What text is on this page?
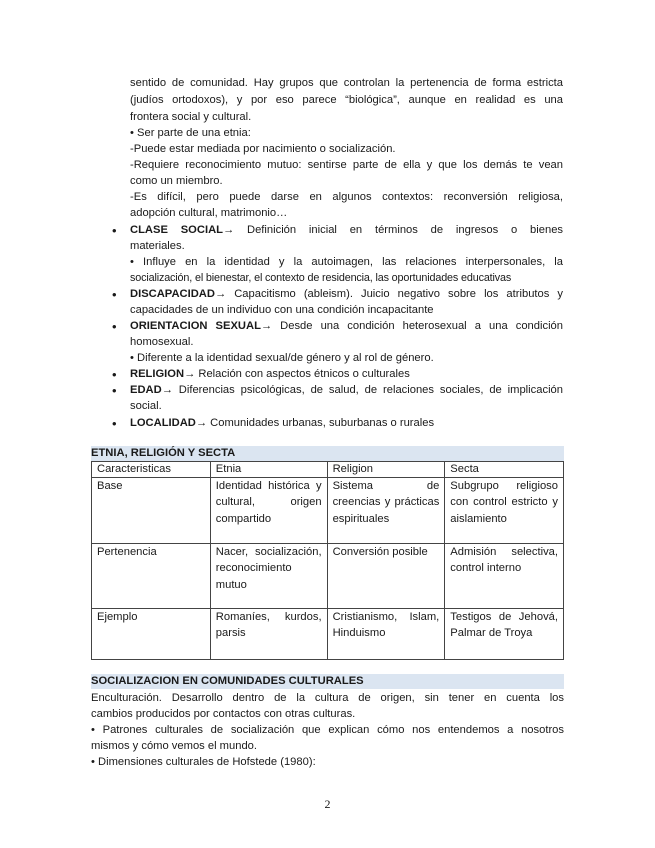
sentido de comunidad. Hay grupos que controlan la pertenencia de forma estricta
(judíos ortodoxos), y por eso parece “biológica”, aunque en realidad es una
frontera social y cultural.
• Ser parte de una etnia:
-Puede estar mediada por nacimiento o socialización.
-Requiere reconocimiento mutuo: sentirse parte de ella y que los demás te vean
como un miembro.
-Es difícil, pero puede darse en algunos contextos: reconversión religiosa,
adopción cultural, matrimonio…
• CLASE SOCIAL→ Definición inicial en términos de ingresos o bienes
materiales.
• Influye en la identidad y la autoimagen, las relaciones interpersonales, la
socialización, el bienestar, el contexto de residencia, las oportunidades educativas
• DISCAPACIDAD→ Capacitismo (ableism). Juicio negativo sobre los atributos y
capacidades de un individuo con una condición incapacitante
• ORIENTACION SEXUAL→ Desde una condición heterosexual a una condición
homosexual.
• Diferente a la identidad sexual/de género y al rol de género.
• RELIGION→ Relación con aspectos étnicos o culturales
• EDAD→ Diferencias psicológicas, de salud, de relaciones sociales, de implicación
social.
• LOCALIDAD→ Comunidades urbanas, suburbanas o rurales
ETNIA, RELIGIÓN Y SECTA
Caracteristicas	Etnia	Religion	Secta
Base	Identidad histórica y cultural, origen compartido	Sistema de creencias y prácticas espirituales	Subgrupo religioso con control estricto y aislamiento
Pertenencia	Nacer, socialización, reconocimiento mutuo	Conversión posible	Admisión selectiva, control interno
Ejemplo	Romaníes, kurdos, parsis	Cristianismo, Islam, Hinduismo	Testigos de Jehová, Palmar de Troya
SOCIALIZACION EN COMUNIDADES CULTURALES
Enculturación. Desarrollo dentro de la cultura de origen, sin tener en cuenta los
cambios producidos por contactos con otras culturas.
• Patrones culturales de socialización que explican cómo nos entendemos a nosotros
mismos y cómo vemos el mundo.
• Dimensiones culturales de Hofstede (1980):
2
